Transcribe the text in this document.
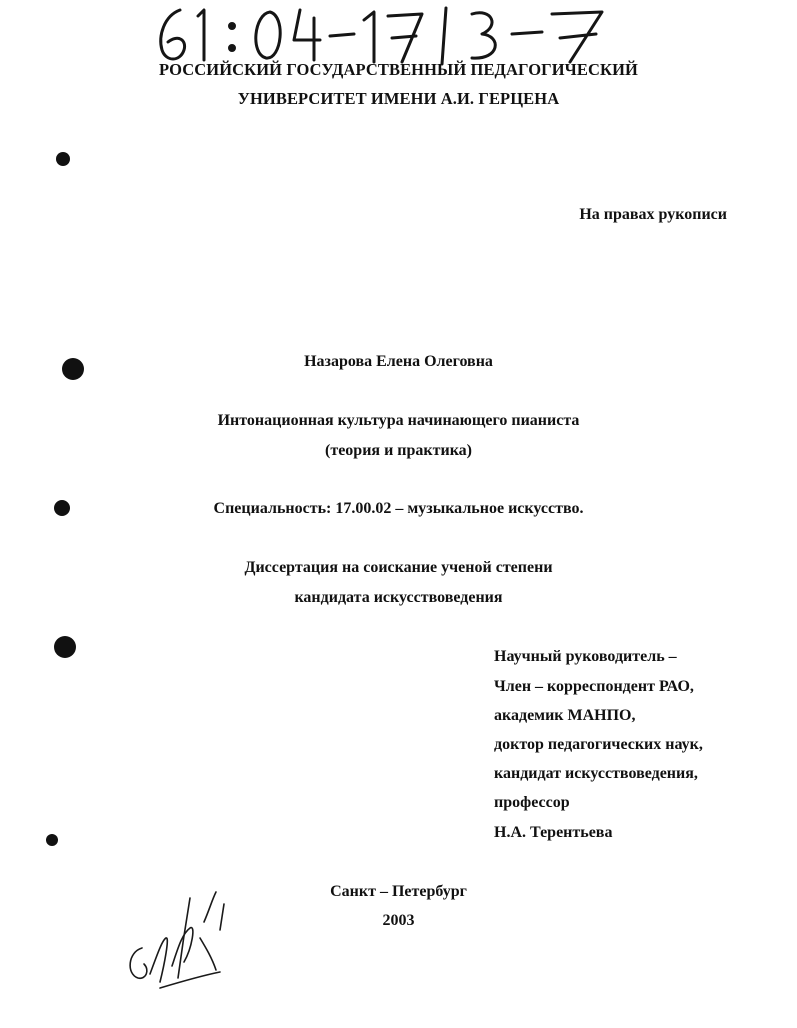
РОССИЙСКИЙ ГОСУДАРСТВЕННЫЙ ПЕДАГОГИЧЕСКИЙ
УНИВЕРСИТЕТ ИМЕНИ А.И. ГЕРЦЕНА
На правах рукописи
Назарова Елена Олеговна
Интонационная культура начинающего пианиста
(теория и практика)
Специальность: 17.00.02 – музыкальное искусство.
Диссертация на соискание ученой степени
кандидата искусствоведения
Научный руководитель –
Член – корреспондент РАО,
академик МАНПО,
доктор педагогических наук,
кандидат искусствоведения,
профессор
Н.А. Терентьева
Санкт – Петербург
2003
